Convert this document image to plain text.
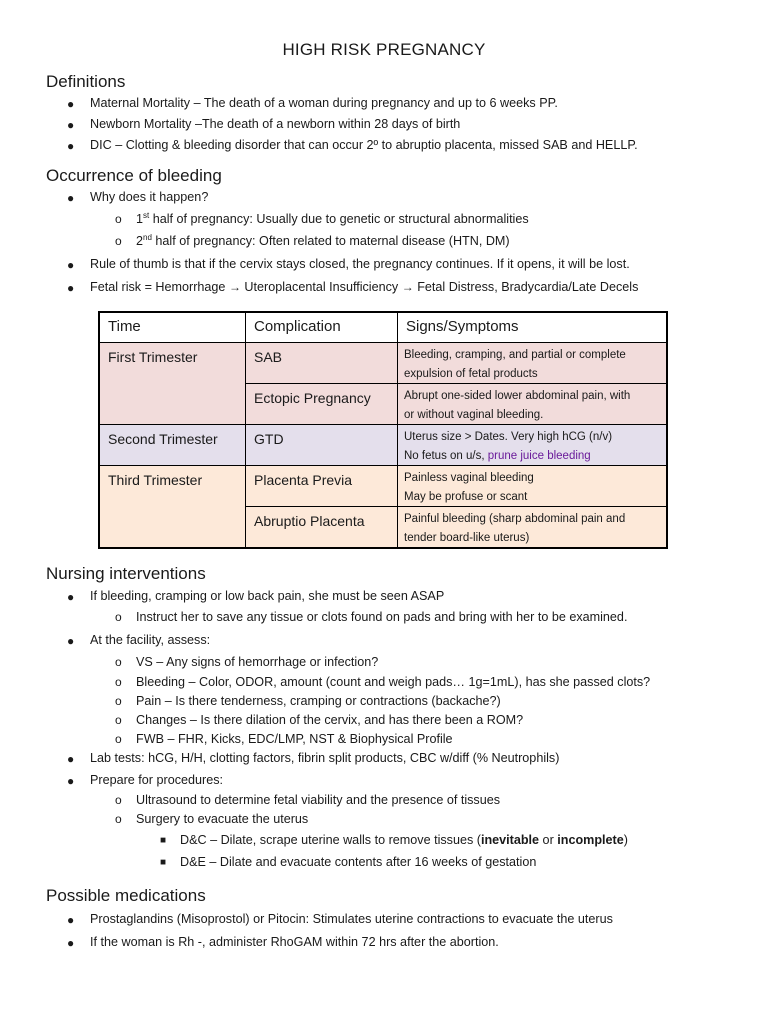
HIGH RISK PREGNANCY
Definitions
● Maternal Mortality – The death of a woman during pregnancy and up to 6 weeks PP.
● Newborn Mortality –The death of a newborn within 28 days of birth
● DIC – Clotting & bleeding disorder that can occur 2º to abruptio placenta, missed SAB and HELLP.
Occurrence of bleeding
● Why does it happen?
o 1st half of pregnancy: Usually due to genetic or structural abnormalities
o 2nd half of pregnancy: Often related to maternal disease (HTN, DM)
● Rule of thumb is that if the cervix stays closed, the pregnancy continues. If it opens, it will be lost.
● Fetal risk = Hemorrhage → Uteroplacental Insufficiency → Fetal Distress, Bradycardia/Late Decels
Time	Complication	Signs/Symptoms
First Trimester	SAB	Bleeding, cramping, and partial or complete
expulsion of fetal products
Ectopic Pregnancy	Abrupt one-sided lower abdominal pain, with
or without vaginal bleeding.
Second Trimester	GTD	Uterus size > Dates. Very high hCG (n/v)
No fetus on u/s, prune juice bleeding
Third Trimester	Placenta Previa	Painless vaginal bleeding
May be profuse or scant
Abruptio Placenta	Painful bleeding (sharp abdominal pain and
tender board-like uterus)
Nursing interventions
● If bleeding, cramping or low back pain, she must be seen ASAP
o Instruct her to save any tissue or clots found on pads and bring with her to be examined.
● At the facility, assess:
o VS – Any signs of hemorrhage or infection?
o Bleeding – Color, ODOR, amount (count and weigh pads… 1g=1mL), has she passed clots?
o Pain – Is there tenderness, cramping or contractions (backache?)
o Changes – Is there dilation of the cervix, and has there been a ROM?
o FWB – FHR, Kicks, EDC/LMP, NST & Biophysical Profile
● Lab tests: hCG, H/H, clotting factors, fibrin split products, CBC w/diff (% Neutrophils)
● Prepare for procedures:
o Ultrasound to determine fetal viability and the presence of tissues
o Surgery to evacuate the uterus
■ D&C – Dilate, scrape uterine walls to remove tissues (inevitable or incomplete)
■ D&E – Dilate and evacuate contents after 16 weeks of gestation
Possible medications
● Prostaglandins (Misoprostol) or Pitocin: Stimulates uterine contractions to evacuate the uterus
● If the woman is Rh -, administer RhoGAM within 72 hrs after the abortion.
